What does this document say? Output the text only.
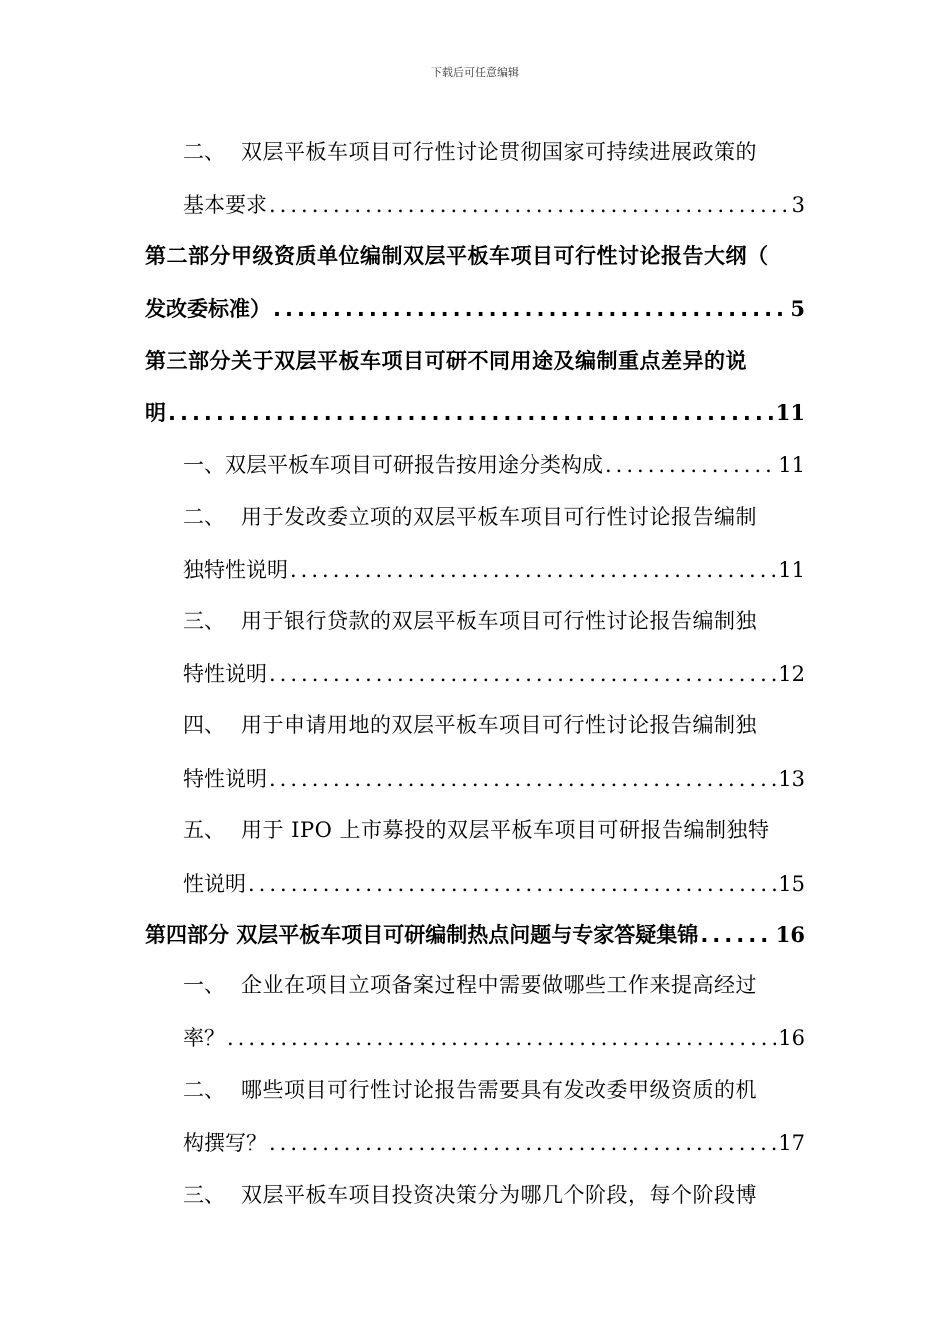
下载后可任意编辑
二、 双层平板车项目可行性讨论贯彻国家可持续进展政策的
基本要求 .....	3
第二部分甲级资质单位编制双层平板车项目可行性讨论报告大纲（
发改委标准） .....	5
第三部分关于双层平板车项目可研不同用途及编制重点差异的说
明 .....	11
一、 双层平板车项目可研报告按用途分类构成 .....	11
二、 用于发改委立项的双层平板车项目可行性讨论报告编制
独特性说明 .....	11
三、 用于银行贷款的双层平板车项目可行性讨论报告编制独
特性说明 .....	12
四、 用于申请用地的双层平板车项目可行性讨论报告编制独
特性说明 .....	13
五、 用于 IPO 上市募投的双层平板车项目可研报告编制独特
性说明 .....	15
第四部分 双层平板车项目可研编制热点问题与专家答疑集锦 .....	16
一、 企业在项目立项备案过程中需要做哪些工作来提高经过
率？ .....	16
二、 哪些项目可行性讨论报告需要具有发改委甲级资质的机
构撰写？ .....	17
三、 双层平板车项目投资决策分为哪几个阶段，每个阶段博
